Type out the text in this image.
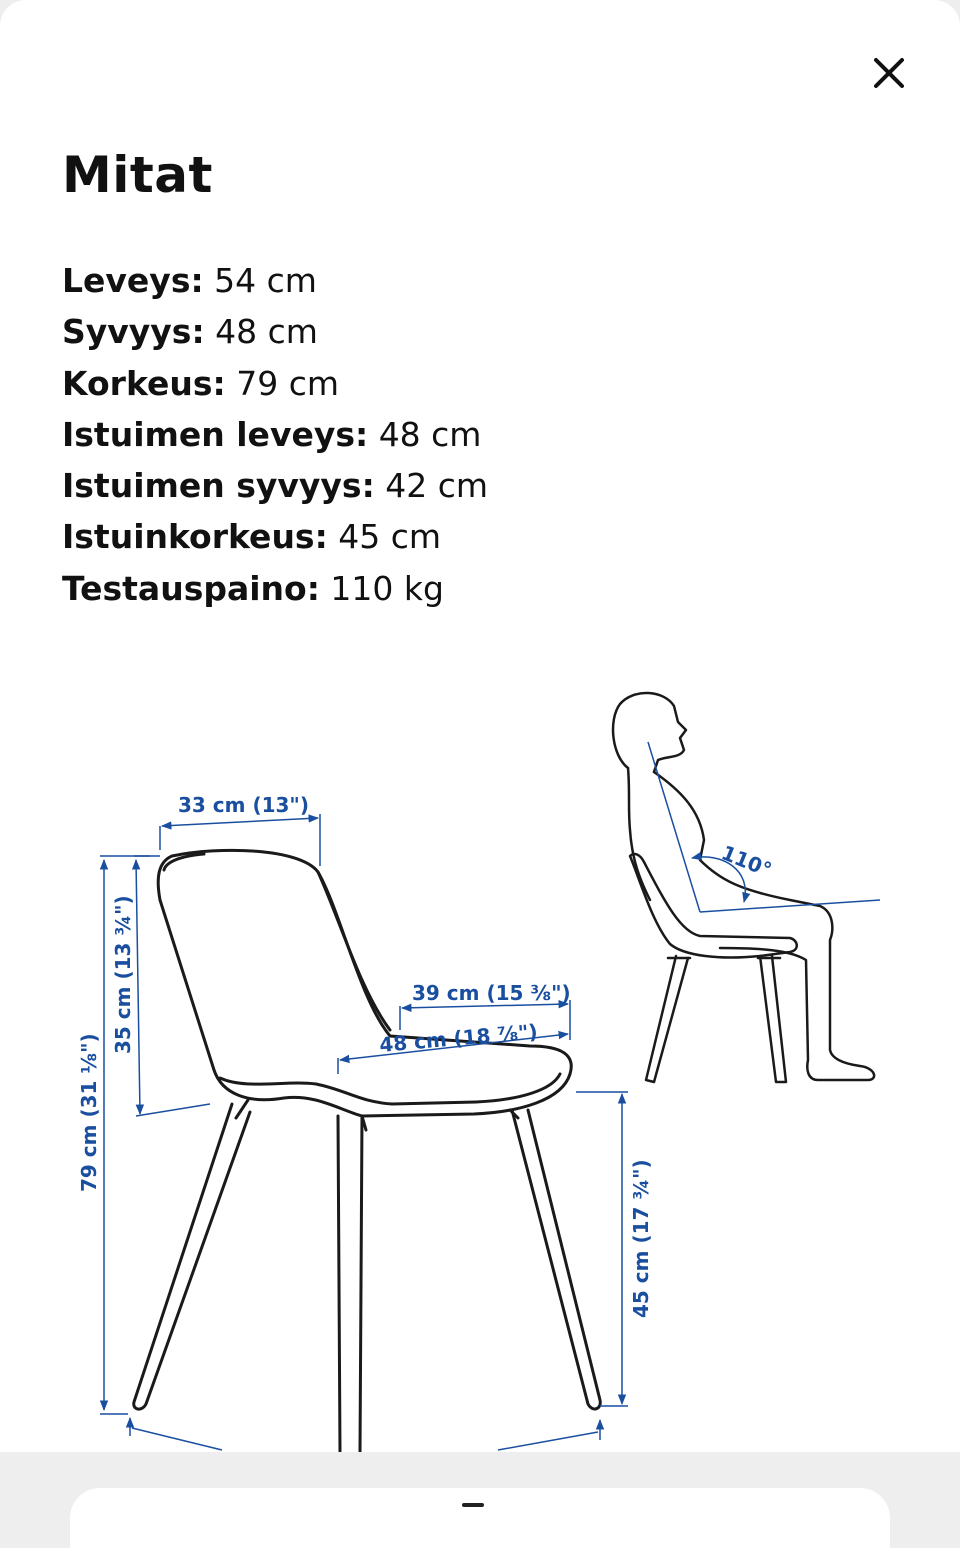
Mitat
Leveys: 54 cm
Syvyys: 48 cm
Korkeus: 79 cm
Istuimen leveys: 48 cm
Istuimen syvyys: 42 cm
Istuinkorkeus: 45 cm
Testauspaino: 110 kg
110°
33 cm (13")
39 cm (15 ⅜")
48 cm (18 ⅞")
35 cm (13 ¾")
79 cm (31 ⅛")
45 cm (17 ¾")
